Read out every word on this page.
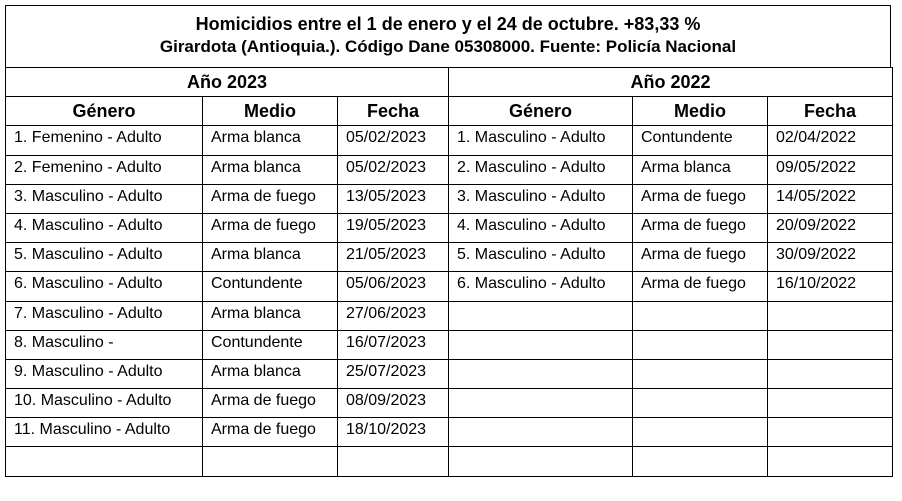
Homicidios entre el 1 de enero y el 24 de octubre. +83,33 %
Girardota (Antioquia.). Código Dane 05308000. Fuente: Policía Nacional
Año 2023			Año 2022		
Género	Medio	Fecha	Género	Medio	Fecha
1. Femenino - Adulto	Arma blanca	05/02/2023	1. Masculino - Adulto	Contundente	02/04/2022
2. Femenino - Adulto	Arma blanca	05/02/2023	2. Masculino - Adulto	Arma blanca	09/05/2022
3. Masculino - Adulto	Arma de fuego	13/05/2023	3. Masculino - Adulto	Arma de fuego	14/05/2022
4. Masculino - Adulto	Arma de fuego	19/05/2023	4. Masculino - Adulto	Arma de fuego	20/09/2022
5. Masculino - Adulto	Arma blanca	21/05/2023	5. Masculino - Adulto	Arma de fuego	30/09/2022
6. Masculino - Adulto	Contundente	05/06/2023	6. Masculino - Adulto	Arma de fuego	16/10/2022
7. Masculino - Adulto	Arma blanca	27/06/2023			
8. Masculino -	Contundente	16/07/2023			
9. Masculino - Adulto	Arma blanca	25/07/2023			
10. Masculino - Adulto	Arma de fuego	08/09/2023			
11. Masculino - Adulto	Arma de fuego	18/10/2023			
